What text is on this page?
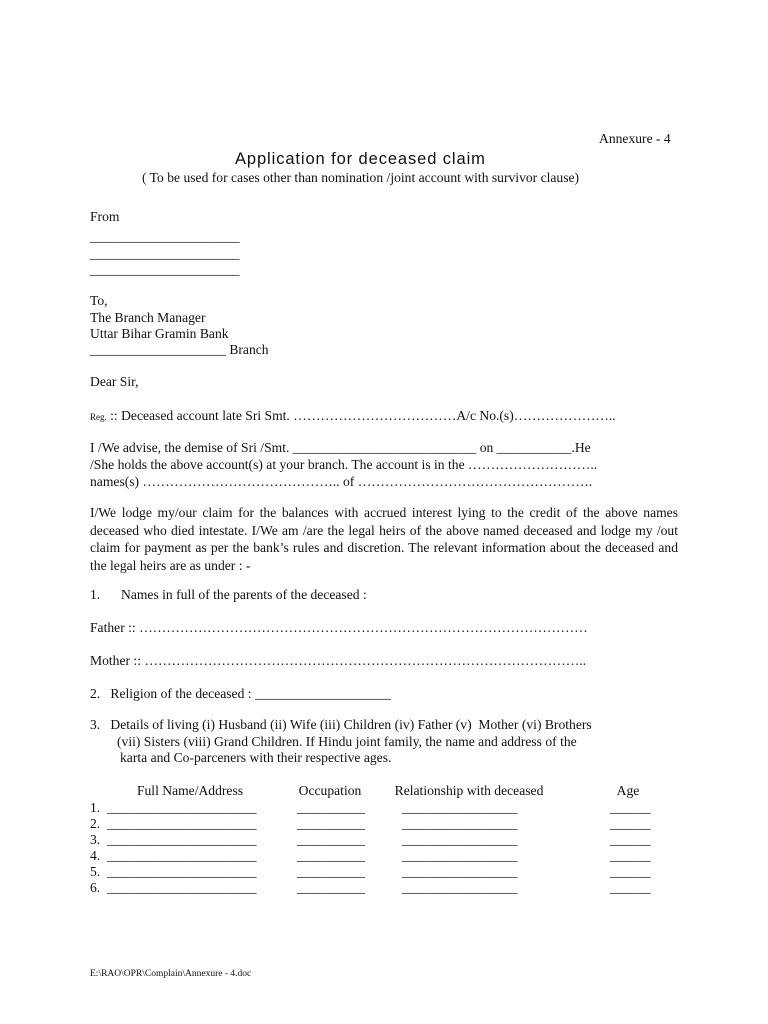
Annexure - 4
Application for deceased claim
( To be used for cases other than nomination /joint account with survivor clause)
From
______________________
______________________
______________________
To,
The Branch Manager
Uttar Bihar Gramin Bank
____________________ Branch
Dear Sir,
Reg. :: Deceased account late Sri Smt. ………………………………A/c No.(s)…………………..
I /We advise, the demise of Sri /Smt. ___________________________ on ___________.He
/She holds the above account(s) at your branch. The account is in the ………………………..
names(s) …………………………………….. of …………………………………………….
I/We lodge my/our claim for the balances with accrued interest lying to the credit of the above names deceased who died intestate. I/We am /are the legal heirs of the above named deceased and lodge my /out claim for payment as per the bank’s rules and discretion. The relevant information about the deceased and the legal heirs are as under : -
1. Names in full of the parents of the deceased :
Father :: ………………………………………………………………………………………
Mother :: ……………………………………………………………………………………..
2.   Religion of the deceased : ____________________
3.   Details of living (i) Husband (ii) Wife (iii) Children (iv) Father (v)  Mother (vi) Brothers
(vii) Sisters (viii) Grand Children. If Hindu joint family, the name and address of the
karta and Co-parceners with their respective ages.
Full Name/Address	Occupation	Relationship with deceased	Age
1. ______________________	__________	_________________	______
2. ______________________	__________	_________________	______
3. ______________________	__________	_________________	______
4. ______________________	__________	_________________	______
5. ______________________	__________	_________________	______
6. ______________________	__________	_________________	______
E:\RAO\OPR\Complain\Annexure - 4.doc
